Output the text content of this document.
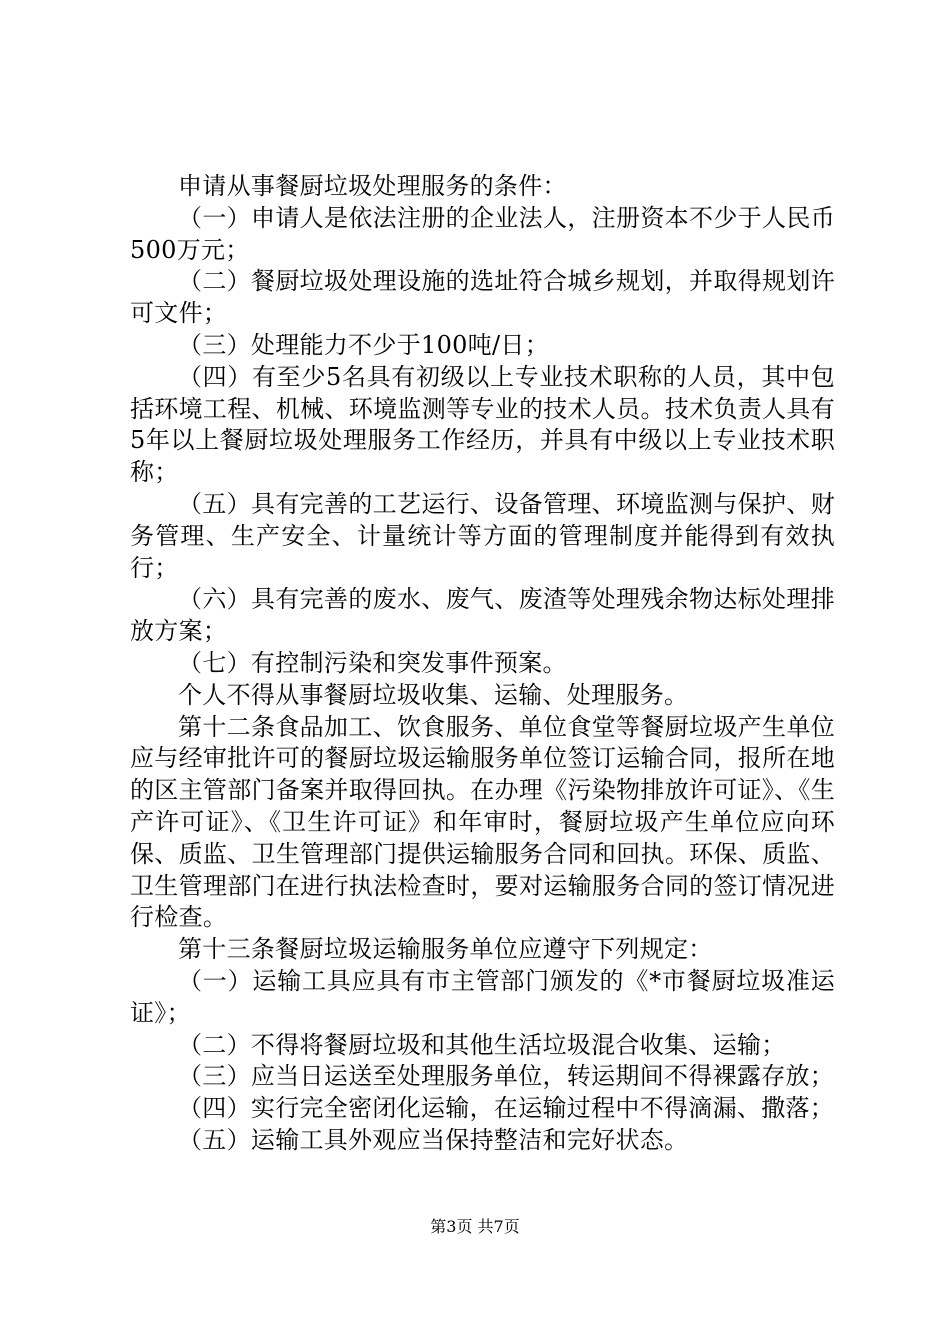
申请从事餐厨垃圾处理服务的条件：

（一）申请人是依法注册的企业法人，注册资本不少于人民币500万元；

（二）餐厨垃圾处理设施的选址符合城乡规划，并取得规划许可文件；

（三）处理能力不少于100吨/日；

（四）有至少5名具有初级以上专业技术职称的人员，其中包括环境工程、机械、环境监测等专业的技术人员。技术负责人具有5年以上餐厨垃圾处理服务工作经历，并具有中级以上专业技术职称；

（五）具有完善的工艺运行、设备管理、环境监测与保护、财务管理、生产安全、计量统计等方面的管理制度并能得到有效执行；

（六）具有完善的废水、废气、废渣等处理残余物达标处理排放方案；

（七）有控制污染和突发事件预案。

个人不得从事餐厨垃圾收集、运输、处理服务。

第十二条食品加工、饮食服务、单位食堂等餐厨垃圾产生单位应与经审批许可的餐厨垃圾运输服务单位签订运输合同，报所在地的区主管部门备案并取得回执。在办理《污染物排放许可证》、《生产许可证》、《卫生许可证》和年审时，餐厨垃圾产生单位应向环保、质监、卫生管理部门提供运输服务合同和回执。环保、质监、卫生管理部门在进行执法检查时，要对运输服务合同的签订情况进行检查。

第十三条餐厨垃圾运输服务单位应遵守下列规定：

（一）运输工具应具有市主管部门颁发的《*市餐厨垃圾准运证》；

（二）不得将餐厨垃圾和其他生活垃圾混合收集、运输；

（三）应当日运送至处理服务单位，转运期间不得裸露存放；

（四）实行完全密闭化运输，在运输过程中不得滴漏、撒落；

（五）运输工具外观应当保持整洁和完好状态。

第3页 共7页
